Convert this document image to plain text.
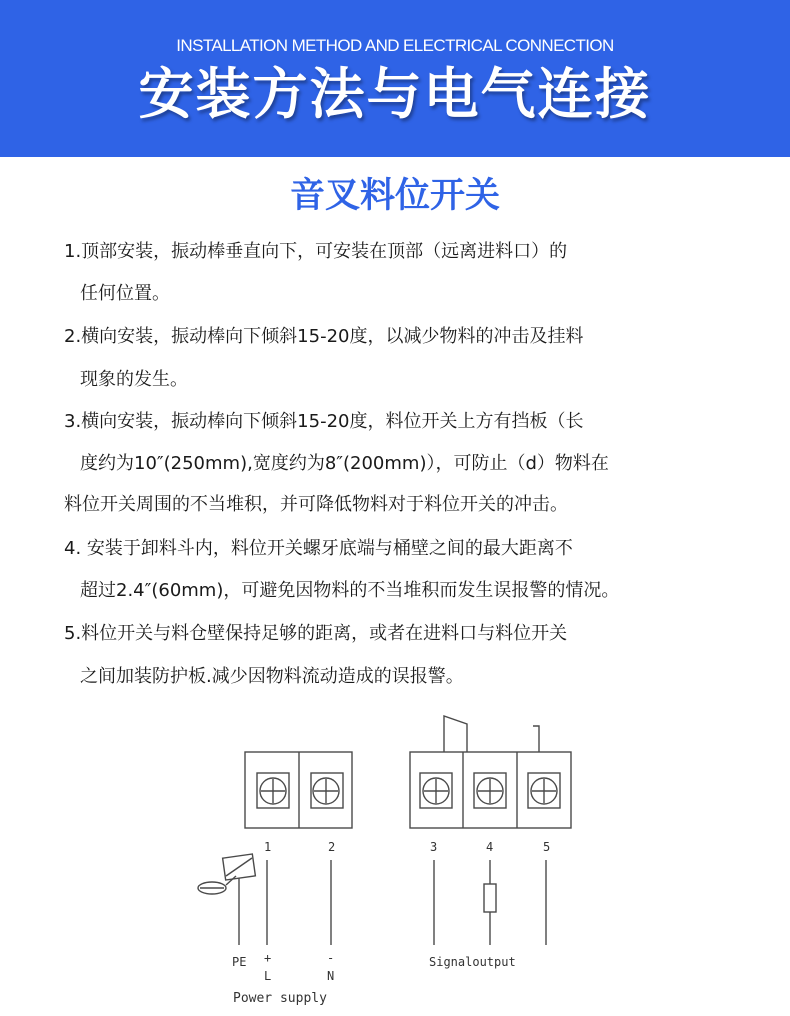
INSTALLATION METHOD AND ELECTRICAL CONNECTION
安装方法与电气连接
音叉料位开关
1.顶部安装，振动棒垂直向下，可安装在顶部（远离进料口）的
任何位置。
2.横向安装，振动棒向下倾斜15-20度，以减少物料的冲击及挂料
现象的发生。
3.横向安装，振动棒向下倾斜15-20度，料位开关上方有挡板（长
度约为10″(250mm),宽度约为8″(200mm)），可防止（d）物料在
料位开关周围的不当堆积，并可降低物料对于料位开关的冲击。
4. 安装于卸料斗内，料位开关螺牙底端与桶壁之间的最大距离不
超过2.4″(60mm)，可避免因物料的不当堆积而发生误报警的情况。
5.料位开关与料仓壁保持足够的距离，或者在进料口与料位开关
之间加装防护板.减少因物料流动造成的误报警。
1	2	3	4	5
PE +	-
L	N
Power supply
Signaloutput
